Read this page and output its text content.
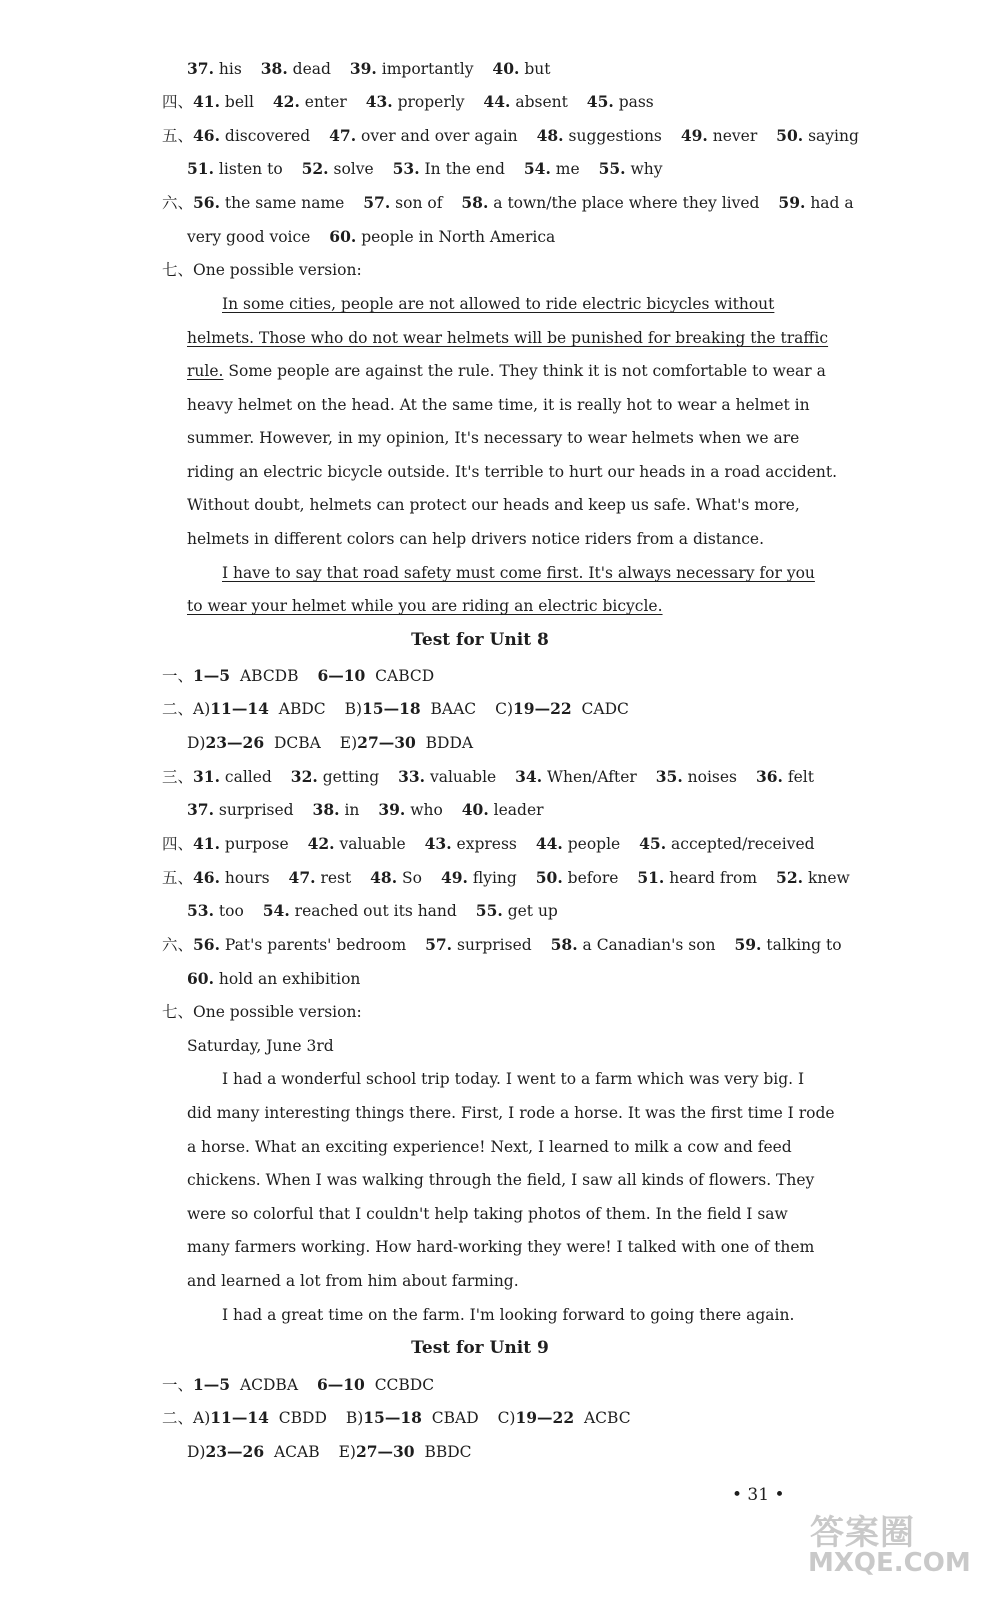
37. his 38. dead 39. importantly 40. but
四、41. bell 42. enter 43. properly 44. absent 45. pass
五、46. discovered 47. over and over again 48. suggestions 49. never 50. saying
51. listen to 52. solve 53. In the end 54. me 55. why
六、56. the same name 57. son of 58. a town/the place where they lived 59. had a
very good voice 60. people in North America
七、One possible version:
In some cities, people are not allowed to ride electric bicycles without
helmets. Those who do not wear helmets will be punished for breaking the traffic
rule. Some people are against the rule. They think it is not comfortable to wear a
heavy helmet on the head. At the same time, it is really hot to wear a helmet in
summer. However, in my opinion, It's necessary to wear helmets when we are
riding an electric bicycle outside. It's terrible to hurt our heads in a road accident.
Without doubt, helmets can protect our heads and keep us safe. What's more,
helmets in different colors can help drivers notice riders from a distance.
I have to say that road safety must come first. It's always necessary for you
to wear your helmet while you are riding an electric bicycle.
Test for Unit 8
一、1—5 ABCDB 6—10 CABCD
二、A)11—14 ABDC B)15—18 BAAC C)19—22 CADC
D)23—26 DCBA E)27—30 BDDA
三、31. called 32. getting 33. valuable 34. When/After 35. noises 36. felt
37. surprised 38. in 39. who 40. leader
四、41. purpose 42. valuable 43. express 44. people 45. accepted/received
五、46. hours 47. rest 48. So 49. flying 50. before 51. heard from 52. knew
53. too 54. reached out its hand 55. get up
六、56. Pat's parents' bedroom 57. surprised 58. a Canadian's son 59. talking to
60. hold an exhibition
七、One possible version:
Saturday, June 3rd
I had a wonderful school trip today. I went to a farm which was very big. I
did many interesting things there. First, I rode a horse. It was the first time I rode
a horse. What an exciting experience! Next, I learned to milk a cow and feed
chickens. When I was walking through the field, I saw all kinds of flowers. They
were so colorful that I couldn't help taking photos of them. In the field I saw
many farmers working. How hard-working they were! I talked with one of them
and learned a lot from him about farming.
I had a great time on the farm. I'm looking forward to going there again.
Test for Unit 9
一、1—5 ACDBA 6—10 CCBDC
二、A)11—14 CBDD B)15—18 CBAD C)19—22 ACBC
D)23—26 ACAB E)27—30 BBDC
• 31 •
答案圈
MXQE.COM
